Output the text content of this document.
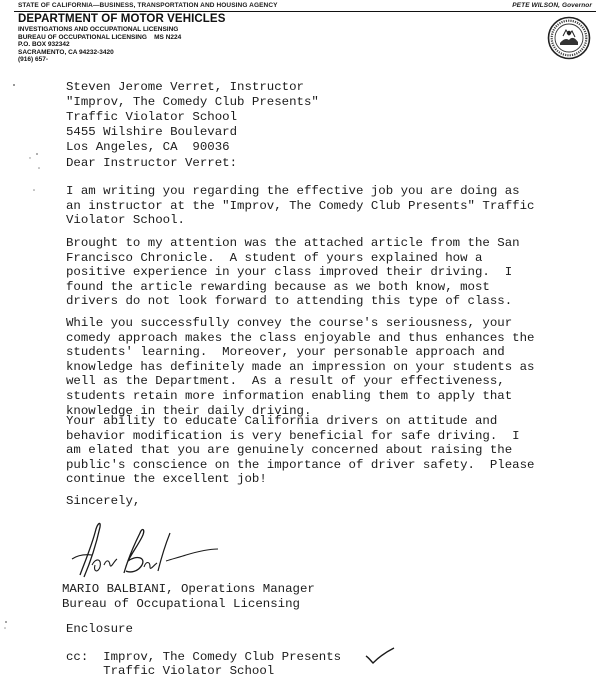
STATE OF CALIFORNIA—BUSINESS, TRANSPORTATION AND HOUSING AGENCY	PETE WILSON, Governor
DEPARTMENT OF MOTOR VEHICLES
INVESTIGATIONS AND OCCUPATIONAL LICENSING
BUREAU OF OCCUPATIONAL LICENSING    MS N224
P.O. BOX 932342
SACRAMENTO, CA 94232-3420
(916) 657-
Steven Jerome Verret, Instructor
"Improv, The Comedy Club Presents"
Traffic Violator School
5455 Wilshire Boulevard
Los Angeles, CA  90036
Dear Instructor Verret:
I am writing you regarding the effective job you are doing as
an instructor at the "Improv, The Comedy Club Presents" Traffic
Violator School.
Brought to my attention was the attached article from the San
Francisco Chronicle.  A student of yours explained how a
positive experience in your class improved their driving.  I
found the article rewarding because as we both know, most
drivers do not look forward to attending this type of class.
While you successfully convey the course's seriousness, your
comedy approach makes the class enjoyable and thus enhances the
students' learning.  Moreover, your personable approach and
knowledge has definitely made an impression on your students as
well as the Department.  As a result of your effectiveness,
students retain more information enabling them to apply that
knowledge in their daily driving.
Your ability to educate California drivers on attitude and
behavior modification is very beneficial for safe driving.  I
am elated that you are genuinely concerned about raising the
public's conscience on the importance of driver safety.  Please
continue the excellent job!
Sincerely,
MARIO BALBIANI, Operations Manager
Bureau of Occupational Licensing
Enclosure
cc:  Improv, The Comedy Club Presents
Traffic Violator School
